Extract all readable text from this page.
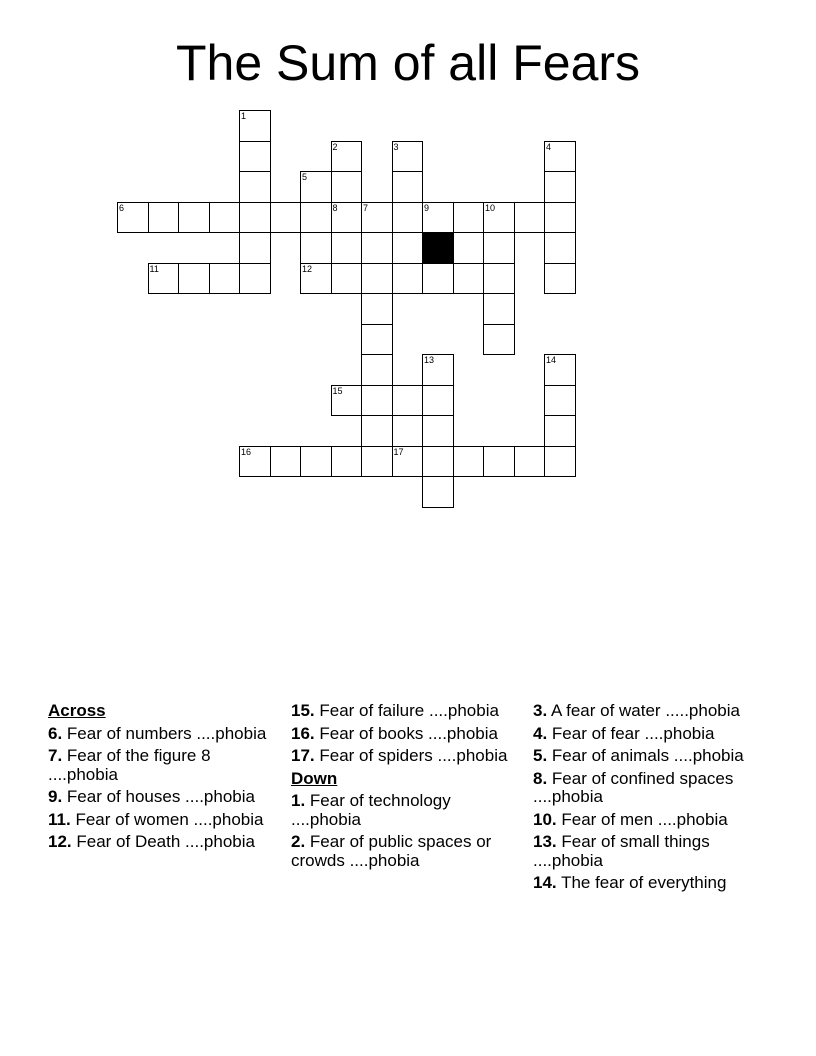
The Sum of all Fears
1
2
8
3	4
5
6	7	9	10
11	12
13	14
15
16	17
Across
6. Fear of numbers ....phobia
7. Fear of the figure 8 ....phobia
9. Fear of houses ....phobia
11. Fear of women ....phobia
12. Fear of Death ....phobia
15. Fear of failure ....phobia
16. Fear of books ....phobia
17. Fear of spiders ....phobia
Down
1. Fear of technology ....phobia
2. Fear of public spaces or crowds ....phobia
3. A fear of water .....phobia
4. Fear of fear ....phobia
5. Fear of animals ....phobia
8. Fear of confined spaces ....phobia
10. Fear of men ....phobia
13. Fear of small things ....phobia
14. The fear of everything
